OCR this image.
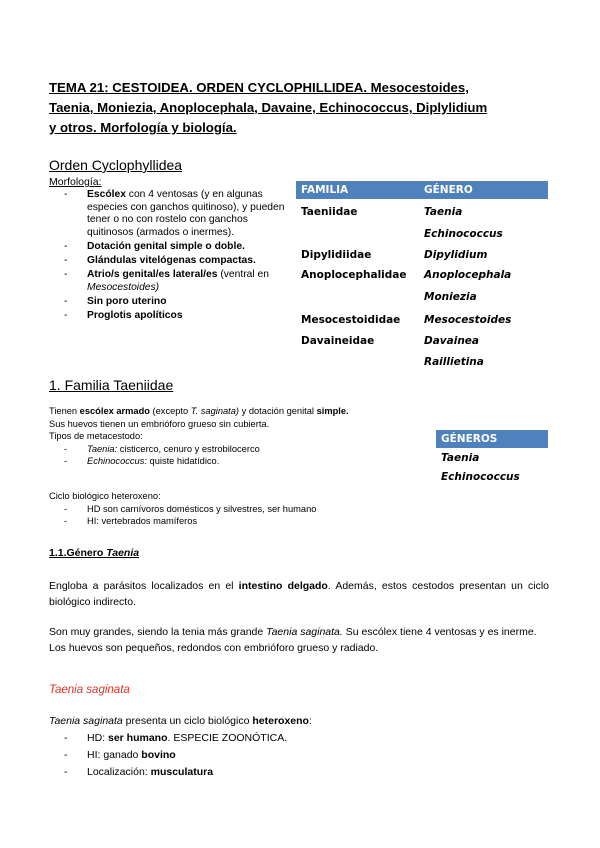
TEMA 21: CESTOIDEA. ORDEN CYCLOPHILLIDEA. Mesocestoides,
Taenia, Moniezia, Anoplocephala, Davaine, Echinococcus, Diplylidium
y otros. Morfología y biología.
Orden Cyclophyllidea
Morfología:
- Escólex con 4 ventosas (y en algunas especies con ganchos quitinoso), y pueden tener o no con rostelo con ganchos quitinosos (armados o inermes).
- Dotación genital simple o doble.
- Glándulas vitelógenas compactas.
- Atrio/s genital/es lateral/es (ventral en Mesocestoides)
- Sin poro uterino
- Proglotis apolíticos
FAMILIA	GÉNERO
Taeniidae
Dipylidiidae
Anoplocephalidae
Mesocestoididae
Davaineidae
Taenia
Echinococcus
Dipylidium
Anoplocephala
Moniezia
Mesocestoides
Davainea
Raillietina
1. Familia Taeniidae
Tienen escólex armado (excepto T. saginata) y dotación genital simple.
Sus huevos tienen un embrióforo grueso sin cubierta.
Tipos de metacestodo:
- Taenia: cisticerco, cenuro y estrobilocerco
- Echinococcus: quiste hidatídico.
Ciclo biológico heteroxeno:
- HD son carnívoros domésticos y silvestres, ser humano
- HI: vertebrados mamíferos
GÉNEROS
Taenia
Echinococcus
1.1.Género Taenia
Engloba a parásitos localizados en el intestino delgado. Además, estos cestodos presentan un ciclo biológico indirecto.
Son muy grandes, siendo la tenia más grande Taenia saginata. Su escólex tiene 4 ventosas y es inerme.
Los huevos son pequeños, redondos con embrióforo grueso y radiado.
Taenia saginata
Taenia saginata presenta un ciclo biológico heteroxeno:
- HD: ser humano. ESPECIE ZOONÓTICA.
- HI: ganado bovino
- Localización: musculatura
